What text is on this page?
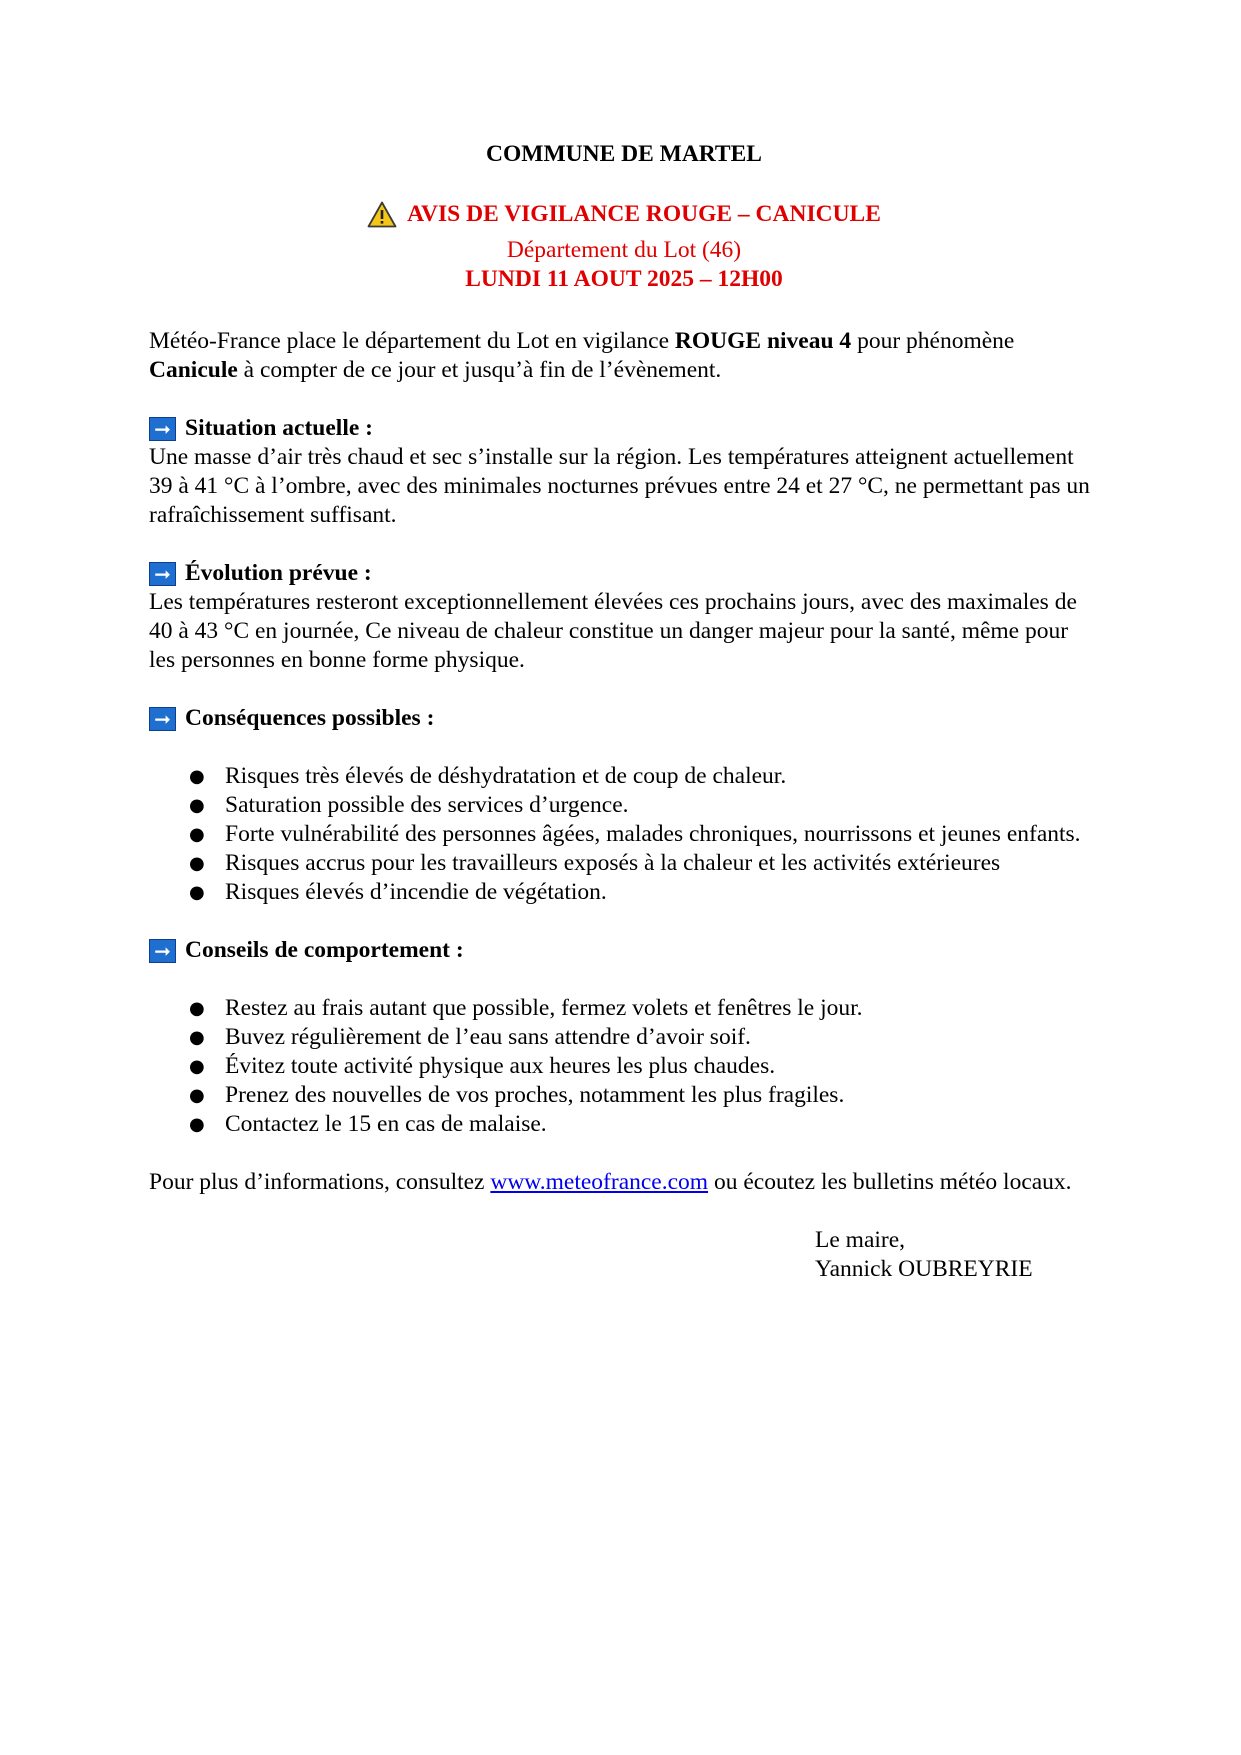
COMMUNE DE MARTEL

AVIS DE VIGILANCE ROUGE – CANICULE
Département du Lot (46)
LUNDI 11 AOUT 2025 – 12H00

Météo-France place le département du Lot en vigilance ROUGE niveau 4 pour phénomène Canicule à compter de ce jour et jusqu’à fin de l’évènement.

➞ Situation actuelle :

Une masse d’air très chaud et sec s’installe sur la région. Les températures atteignent actuellement 39 à 41 °C à l’ombre, avec des minimales nocturnes prévues entre 24 et 27 °C, ne permettant pas un rafraîchissement suffisant.

➞ Évolution prévue :

Les températures resteront exceptionnellement élevées ces prochains jours, avec des maximales de 40 à 43 °C en journée, Ce niveau de chaleur constitue un danger majeur pour la santé, même pour les personnes en bonne forme physique.

➞ Conséquences possibles :
● Risques très élevés de déshydratation et de coup de chaleur.
● Saturation possible des services d’urgence.
● Forte vulnérabilité des personnes âgées, malades chroniques, nourrissons et jeunes enfants.
● Risques accrus pour les travailleurs exposés à la chaleur et les activités extérieures
● Risques élevés d’incendie de végétation.
➞ Conseils de comportement :
● Restez au frais autant que possible, fermez volets et fenêtres le jour.
● Buvez régulièrement de l’eau sans attendre d’avoir soif.
● Évitez toute activité physique aux heures les plus chaudes.
● Prenez des nouvelles de vos proches, notamment les plus fragiles.
● Contactez le 15 en cas de malaise.

Pour plus d’informations, consultez www.meteofrance.com ou écoutez les bulletins météo locaux.

Le maire,
Yannick OUBREYRIE
